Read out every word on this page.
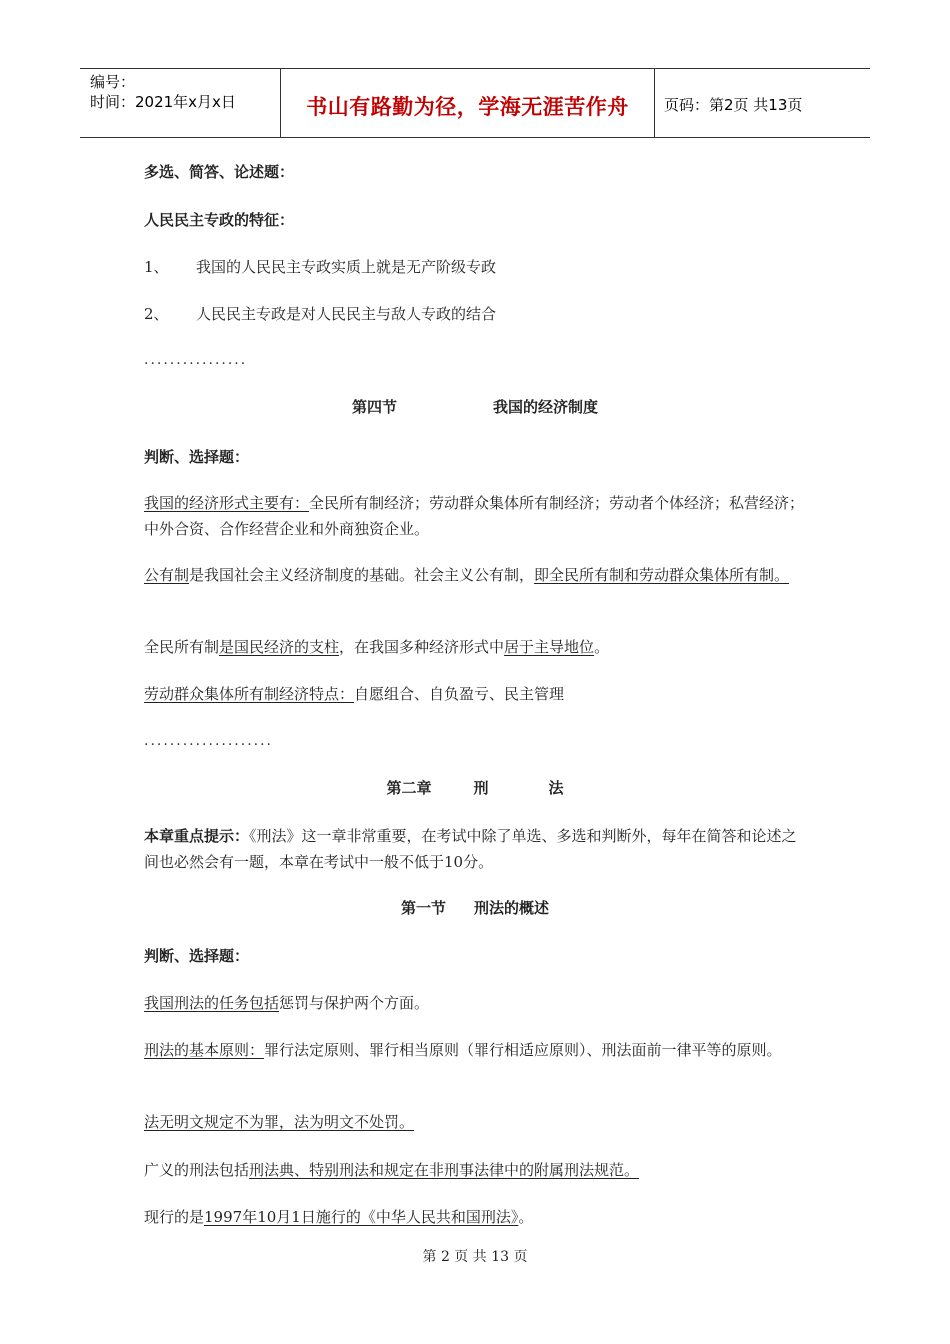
编号：
时间：2021年x月x日	书山有路勤为径，学海无涯苦作舟	页码：第2页 共13页

多选、简答、论述题：

人民民主专政的特征：

1、 我国的人民民主专政实质上就是无产阶级专政

2、 人民民主专政是对人民民主与敌人专政的结合

................
第四节	我国的经济制度

判断、选择题：

我国的经济形式主要有：全民所有制经济；劳动群众集体所有制经济；劳动者个体经济；私营经济；中外合资、合作经营企业和外商独资企业。

公有制是我国社会主义经济制度的基础。社会主义公有制，即全民所有制和劳动群众集体所有制。

全民所有制是国民经济的支柱，在我国多种经济形式中居于主导地位。

劳动群众集体所有制经济特点：自愿组合、自负盈亏、民主管理

....................
第二章	刑	法

本章重点提示：《刑法》这一章非常重要，在考试中除了单选、多选和判断外，每年在简答和论述之间也必然会有一题，本章在考试中一般不低于10分。

第一节 刑法的概述

判断、选择题：

我国刑法的任务包括惩罚与保护两个方面。

刑法的基本原则：罪行法定原则、罪行相当原则（罪行相适应原则）、刑法面前一律平等的原则。

法无明文规定不为罪，法为明文不处罚。

广义的刑法包括刑法典、特别刑法和规定在非刑事法律中的附属刑法规范。

现行的是1997年10月1日施行的《中华人民共和国刑法》。

第 2 页 共 13 页
